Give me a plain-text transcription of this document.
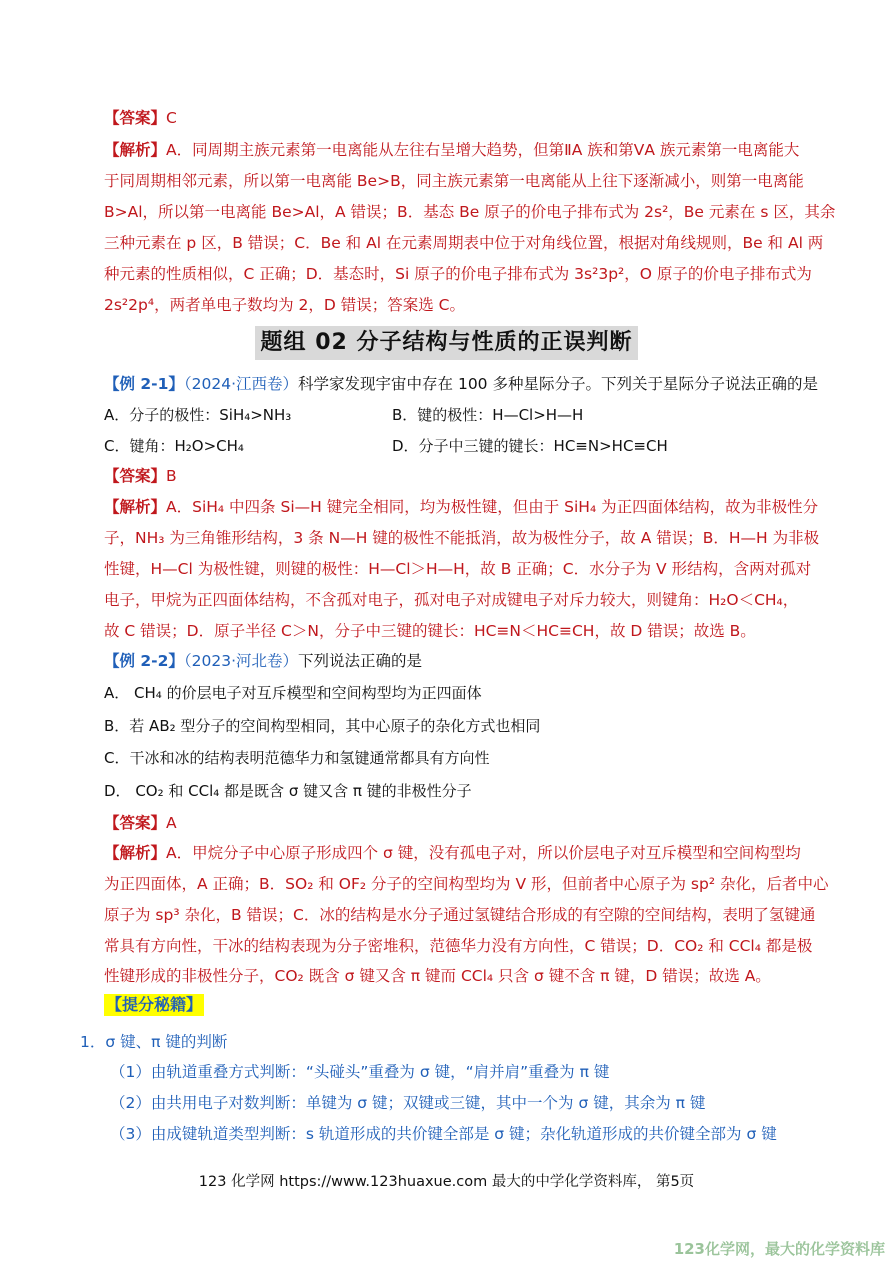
【答案】C
【解析】A．同周期主族元素第一电离能从左往右呈增大趋势，但第ⅡA 族和第ⅤA 族元素第一电离能大
于同周期相邻元素，所以第一电离能 Be>B，同主族元素第一电离能从上往下逐渐减小，则第一电离能
B>Al，所以第一电离能 Be>Al，A 错误；B．基态 Be 原子的价电子排布式为 2s²，Be 元素在 s 区，其余
三种元素在 p 区，B 错误；C．Be 和 Al 在元素周期表中位于对角线位置，根据对角线规则，Be 和 Al 两
种元素的性质相似，C 正确；D．基态时，Si 原子的价电子排布式为 3s²3p²，O 原子的价电子排布式为
2s²2p⁴，两者单电子数均为 2，D 错误；答案选 C。
题组 02 分子结构与性质的正误判断
【例 2-1】（2024·江西卷）科学家发现宇宙中存在 100 多种星际分子。下列关于星际分子说法正确的是
A．分子的极性：SiH₄>NH₃	B．键的极性：H—Cl>H—H
C．键角：H₂O>CH₄	D．分子中三键的键长：HC≡N>HC≡CH
【答案】B
【解析】A．SiH₄ 中四条 Si—H 键完全相同，均为极性键，但由于 SiH₄ 为正四面体结构，故为非极性分
子，NH₃ 为三角锥形结构，3 条 N—H 键的极性不能抵消，故为极性分子，故 A 错误；B．H—H 为非极
性键，H—Cl 为极性键，则键的极性：H—Cl＞H—H，故 B 正确；C．水分子为 V 形结构，含两对孤对
电子，甲烷为正四面体结构，不含孤对电子，孤对电子对成键电子对斥力较大，则键角：H₂O＜CH₄，
故 C 错误；D．原子半径 C＞N，分子中三键的键长：HC≡N＜HC≡CH，故 D 错误；故选 B。
【例 2-2】（2023·河北卷）下列说法正确的是
A． CH₄ 的价层电子对互斥模型和空间构型均为正四面体
B．若 AB₂ 型分子的空间构型相同，其中心原子的杂化方式也相同
C．干冰和冰的结构表明范德华力和氢键通常都具有方向性
D． CO₂ 和 CCl₄ 都是既含 σ 键又含 π 键的非极性分子
【答案】A
【解析】A．甲烷分子中心原子形成四个 σ 键，没有孤电子对，所以价层电子对互斥模型和空间构型均
为正四面体，A 正确；B．SO₂ 和 OF₂ 分子的空间构型均为 V 形，但前者中心原子为 sp² 杂化，后者中心
原子为 sp³ 杂化，B 错误；C．冰的结构是水分子通过氢键结合形成的有空隙的空间结构，表明了氢键通
常具有方向性，干冰的结构表现为分子密堆积，范德华力没有方向性，C 错误；D．CO₂ 和 CCl₄ 都是极
性键形成的非极性分子，CO₂ 既含 σ 键又含 π 键而 CCl₄ 只含 σ 键不含 π 键，D 错误；故选 A。
【提分秘籍】
1．σ 键、π 键的判断
（1）由轨道重叠方式判断：“头碰头”重叠为 σ 键，“肩并肩”重叠为 π 键
（2）由共用电子对数判断：单键为 σ 键；双键或三键，其中一个为 σ 键，其余为 π 键
（3）由成键轨道类型判断：s 轨道形成的共价键全部是 σ 键；杂化轨道形成的共价键全部为 σ 键
123 化学网 https://www.123huaxue.com 最大的中学化学资料库， 第5页
123化学网，最大的化学资料库
